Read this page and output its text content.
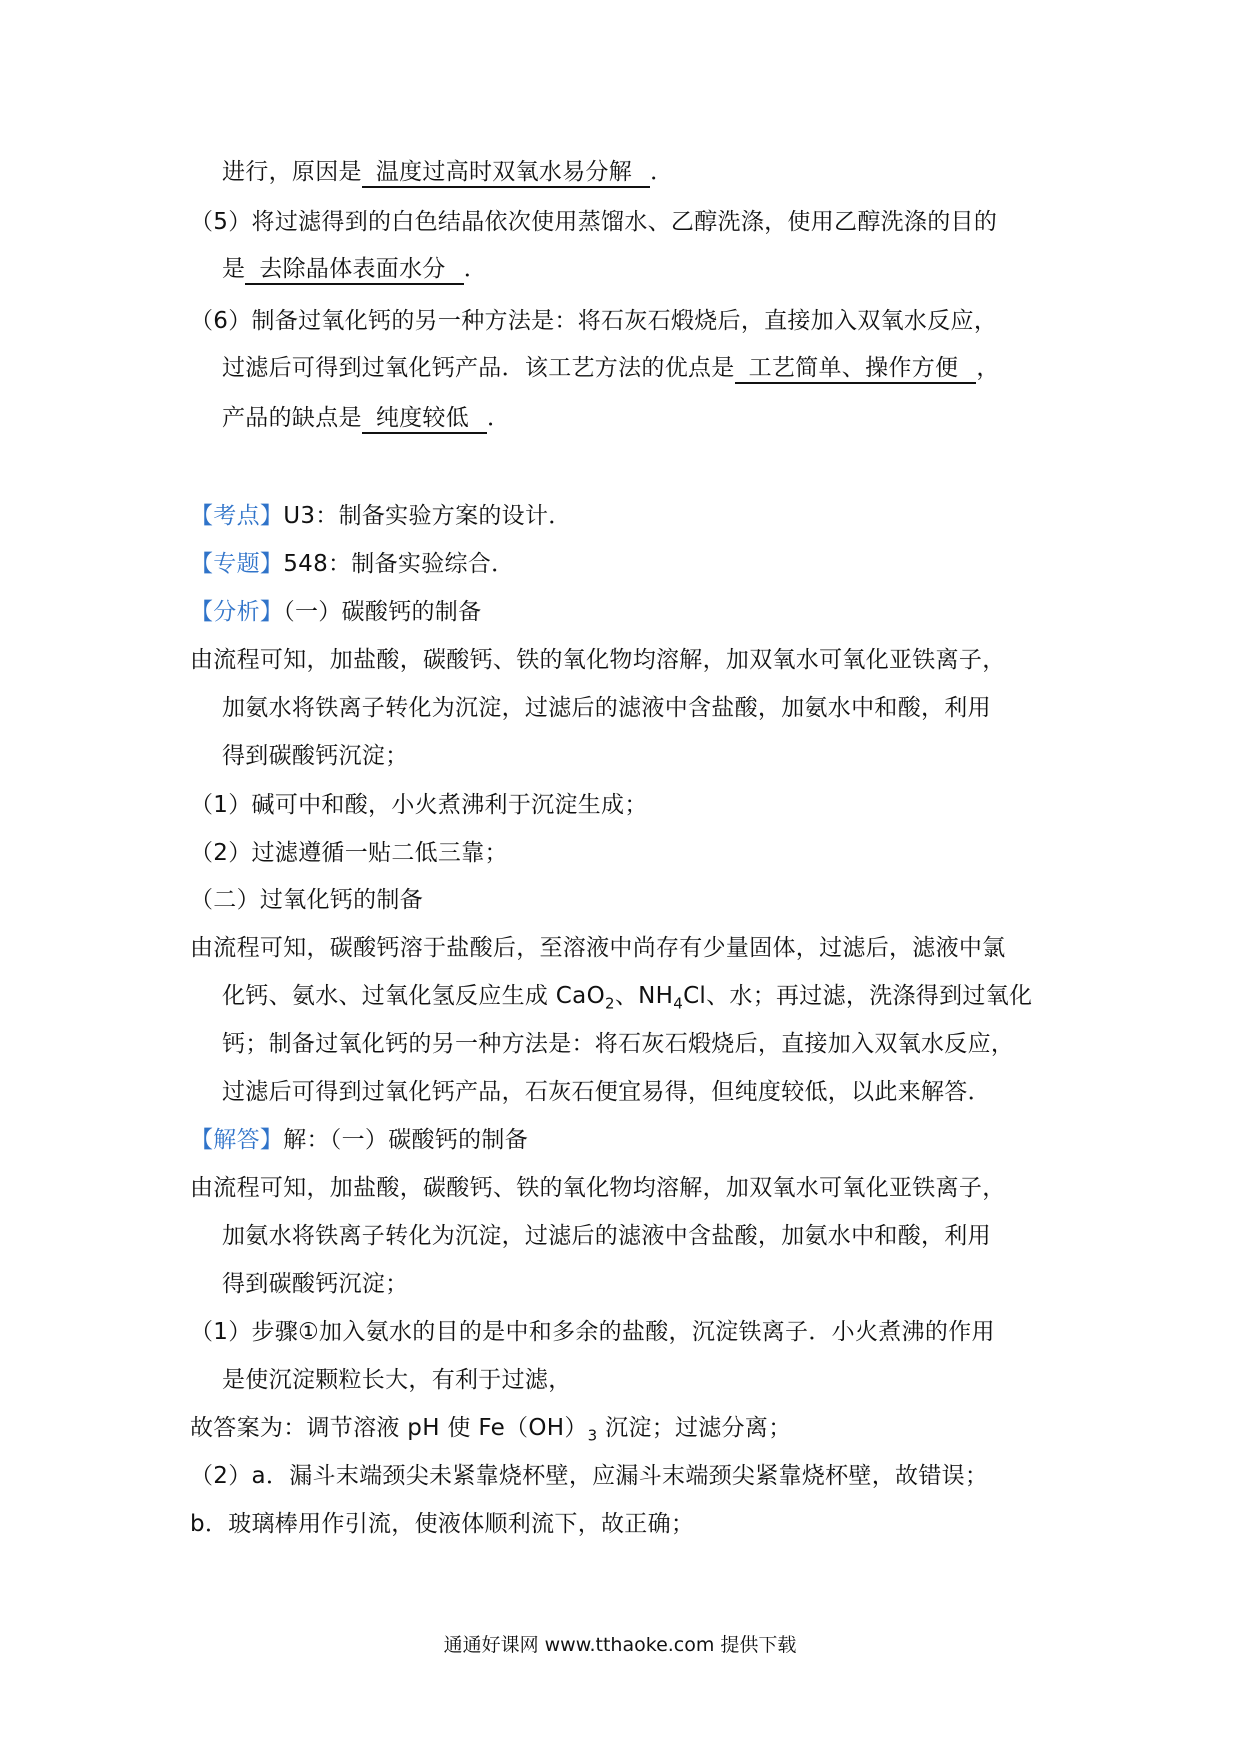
进行，原因是 温度过高时双氧水易分解 ．
（5）将过滤得到的白色结晶依次使用蒸馏水、乙醇洗涤，使用乙醇洗涤的目的
是 去除晶体表面水分 ．
（6）制备过氧化钙的另一种方法是：将石灰石煅烧后，直接加入双氧水反应，
过滤后可得到过氧化钙产品．该工艺方法的优点是 工艺简单、操作方便 ，
产品的缺点是 纯度较低 ．
【考点】U3：制备实验方案的设计．
【专题】548：制备实验综合．
【分析】（一）碳酸钙的制备
由流程可知，加盐酸，碳酸钙、铁的氧化物均溶解，加双氧水可氧化亚铁离子，
加氨水将铁离子转化为沉淀，过滤后的滤液中含盐酸，加氨水中和酸，利用
得到碳酸钙沉淀；
（1）碱可中和酸，小火煮沸利于沉淀生成；
（2）过滤遵循一贴二低三靠；
（二）过氧化钙的制备
由流程可知，碳酸钙溶于盐酸后，至溶液中尚存有少量固体，过滤后，滤液中氯
化钙、氨水、过氧化氢反应生成 CaO$_2$、$NH_4Cl$、水；再过滤，洗涤得到过氧化
钙；制备过氧化钙的另一种方法是：将石灰石煅烧后，直接加入双氧水反应，
过滤后可得到过氧化钙产品，石灰石便宜易得，但纯度较低，以此来解答．
【解答】解：（一）碳酸钙的制备
由流程可知，加盐酸，碳酸钙、铁的氧化物均溶解，加双氧水可氧化亚铁离子，
加氨水将铁离子转化为沉淀，过滤后的滤液中含盐酸，加氨水中和酸，利用
得到碳酸钙沉淀；
（1）步骤①加入氨水的目的是中和多余的盐酸，沉淀铁离子．小火煮沸的作用
是使沉淀颗粒长大，有利于过滤，
故答案为：调节溶液 pH 使 $Fe(OH)_3$ 沉淀；过滤分离；
（2）a．漏斗末端颈尖未紧靠烧杯壁，应漏斗末端颈尖紧靠烧杯壁，故错误；
b．玻璃棒用作引流，使液体顺利流下，故正确；
通通好课网 www.tthaoke.com 提供下载
